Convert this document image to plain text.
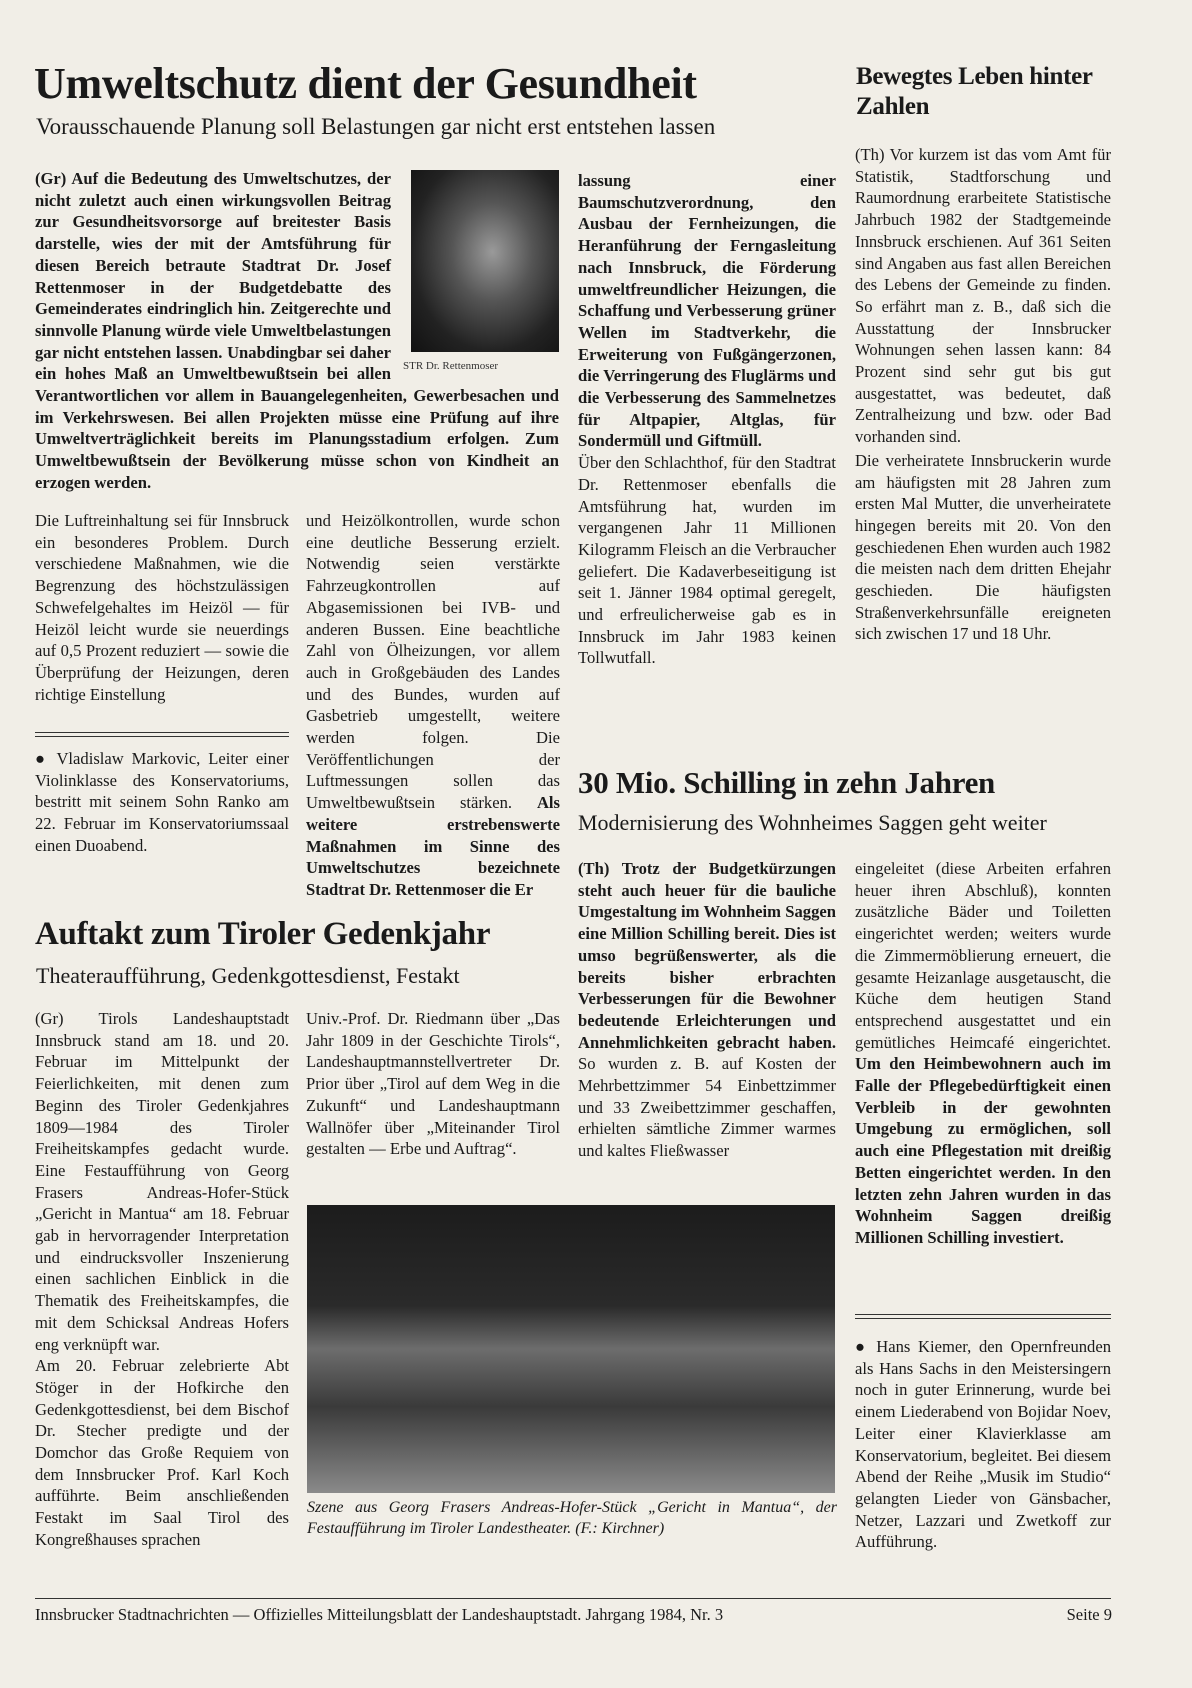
Umweltschutz dient der Gesundheit
Vorausschauende Planung soll Belastungen gar nicht erst entstehen lassen
STR Dr. Rettenmoser
(Gr) Auf die Bedeutung des Umweltschutzes, der nicht zuletzt auch einen wirkungsvollen Beitrag zur Gesundheitsvorsorge auf breitester Basis darstelle, wies der mit der Amtsführung für diesen Bereich betraute Stadtrat Dr. Josef Rettenmoser in der Budgetdebatte des Gemeinderates eindringlich hin. Zeitgerechte und sinnvolle Planung würde viele Umweltbelastungen gar nicht entstehen lassen. Unabdingbar sei daher ein hohes Maß an Umweltbewußtsein bei allen Verantwortlichen vor allem in Bauangelegenheiten, Gewerbesachen und im Verkehrswesen. Bei allen Projekten müsse eine Prüfung auf ihre Umweltverträglichkeit bereits im Planungsstadium erfolgen. Zum Umweltbewußtsein der Bevölkerung müsse schon von Kindheit an erzogen werden.
Die Luftreinhaltung sei für Innsbruck ein besonderes Problem. Durch verschiedene Maßnahmen, wie die Begrenzung des höchstzulässigen Schwefelgehaltes im Heizöl — für Heizöl leicht wurde sie neuerdings auf 0,5 Prozent reduziert — sowie die Überprüfung der Heizungen, deren richtige Einstellung
und Heizölkontrollen, wurde schon eine deutliche Besserung erzielt. Notwendig seien verstärkte Fahrzeugkontrollen auf Abgasemissionen bei IVB- und anderen Bussen. Eine beachtliche Zahl von Ölheizungen, vor allem auch in Großgebäuden des Landes und des Bundes, wurden auf Gasbetrieb umgestellt, weitere werden folgen. Die Veröffentlichungen der Luftmessungen sollen das Umweltbewußtsein stärken. Als weitere erstrebenswerte Maßnahmen im Sinne des Umweltschutzes bezeichnete Stadtrat Dr. Rettenmoser die Er
lassung einer Baumschutzverordnung, den Ausbau der Fernheizungen, die Heranführung der Ferngasleitung nach Innsbruck, die Förderung umweltfreundlicher Heizungen, die Schaffung und Verbesserung grüner Wellen im Stadtverkehr, die Erweiterung von Fußgängerzonen, die Verringerung des Fluglärms und die Verbesserung des Sammelnetzes für Altpapier, Altglas, für Sondermüll und Giftmüll.
Über den Schlachthof, für den Stadtrat Dr. Rettenmoser ebenfalls die Amtsführung hat, wurden im vergangenen Jahr 11 Millionen Kilogramm Fleisch an die Verbraucher geliefert. Die Kadaverbeseitigung ist seit 1. Jänner 1984 optimal geregelt, und erfreulicherweise gab es in Innsbruck im Jahr 1983 keinen Tollwutfall.
● Vladislaw Markovic, Leiter einer Violinklasse des Konservatoriums, bestritt mit seinem Sohn Ranko am 22. Februar im Konservatoriumssaal einen Duoabend.
Bewegtes Leben hinter Zahlen
(Th) Vor kurzem ist das vom Amt für Statistik, Stadtforschung und Raumordnung erarbeitete Statistische Jahrbuch 1982 der Stadtgemeinde Innsbruck erschienen. Auf 361 Seiten sind Angaben aus fast allen Bereichen des Lebens der Gemeinde zu finden. So erfährt man z. B., daß sich die Ausstattung der Innsbrucker Wohnungen sehen lassen kann: 84 Prozent sind sehr gut bis gut ausgestattet, was bedeutet, daß Zentralheizung und bzw. oder Bad vorhanden sind.
Die verheiratete Innsbruckerin wurde am häufigsten mit 28 Jahren zum ersten Mal Mutter, die unverheiratete hingegen bereits mit 20. Von den geschiedenen Ehen wurden auch 1982 die meisten nach dem dritten Ehejahr geschieden. Die häufigsten Straßenverkehrsunfälle ereigneten sich zwischen 17 und 18 Uhr.
30 Mio. Schilling in zehn Jahren
Modernisierung des Wohnheimes Saggen geht weiter
(Th) Trotz der Budgetkürzungen steht auch heuer für die bauliche Umgestaltung im Wohnheim Saggen eine Million Schilling bereit. Dies ist umso begrüßenswerter, als die bereits bisher erbrachten Verbesserungen für die Bewohner bedeutende Erleichterungen und Annehmlichkeiten gebracht haben. So wurden z. B. auf Kosten der Mehrbettzimmer 54 Einbettzimmer und 33 Zweibettzimmer geschaffen, erhielten sämtliche Zimmer warmes und kaltes Fließwasser
eingeleitet (diese Arbeiten erfahren heuer ihren Abschluß), konnten zusätzliche Bäder und Toiletten eingerichtet werden; weiters wurde die Zimmermöblierung erneuert, die gesamte Heizanlage ausgetauscht, die Küche dem heutigen Stand entsprechend ausgestattet und ein gemütliches Heimcafé eingerichtet. Um den Heimbewohnern auch im Falle der Pflegebedürftigkeit einen Verbleib in der gewohnten Umgebung zu ermöglichen, soll auch eine Pflegestation mit dreißig Betten eingerichtet werden. In den letzten zehn Jahren wurden in das Wohnheim Saggen dreißig Millionen Schilling investiert.
● Hans Kiemer, den Opernfreunden als Hans Sachs in den Meistersingern noch in guter Erinnerung, wurde bei einem Liederabend von Bojidar Noev, Leiter einer Klavierklasse am Konservatorium, begleitet. Bei diesem Abend der Reihe „Musik im Studio“ gelangten Lieder von Gänsbacher, Netzer, Lazzari und Zwetkoff zur Aufführung.
Auftakt zum Tiroler Gedenkjahr
Theateraufführung, Gedenkgottesdienst, Festakt
(Gr) Tirols Landeshauptstadt Innsbruck stand am 18. und 20. Februar im Mittelpunkt der Feierlichkeiten, mit denen zum Beginn des Tiroler Gedenkjahres 1809—1984 des Tiroler Freiheitskampfes gedacht wurde. Eine Festaufführung von Georg Frasers Andreas-Hofer-Stück „Gericht in Mantua“ am 18. Februar gab in hervorragender Interpretation und eindrucksvoller Inszenierung einen sachlichen Einblick in die Thematik des Freiheitskampfes, die mit dem Schicksal Andreas Hofers eng verknüpft war.
Am 20. Februar zelebrierte Abt Stöger in der Hofkirche den Gedenkgottesdienst, bei dem Bischof Dr. Stecher predigte und der Domchor das Große Requiem von dem Innsbrucker Prof. Karl Koch aufführte. Beim anschließenden Festakt im Saal Tirol des Kongreßhauses sprachen
Univ.-Prof. Dr. Riedmann über „Das Jahr 1809 in der Geschichte Tirols“, Landeshauptmannstellvertreter Dr. Prior über „Tirol auf dem Weg in die Zukunft“ und Landeshauptmann Wallnöfer über „Miteinander Tirol gestalten — Erbe und Auftrag“.
Szene aus Georg Frasers Andreas-Hofer-Stück „Gericht in Mantua“, der Festaufführung im Tiroler Landestheater. (F.: Kirchner)
Innsbrucker Stadtnachrichten — Offizielles Mitteilungsblatt der Landeshauptstadt. Jahrgang 1984, Nr. 3	Seite 9
